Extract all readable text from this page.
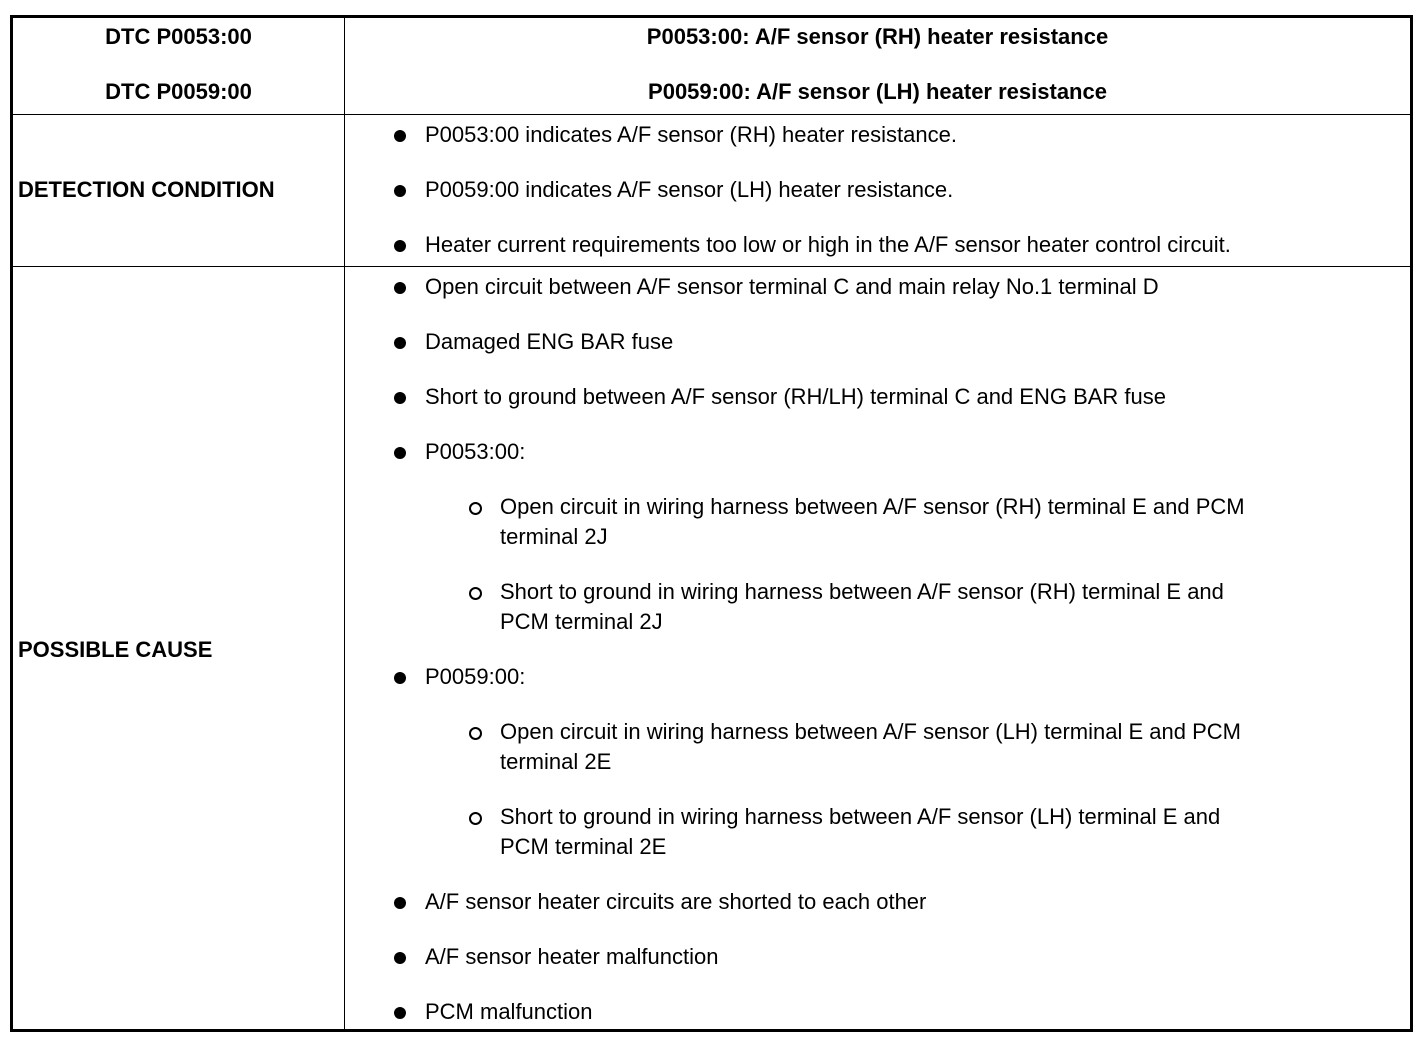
DTC P0053:00
DTC P0059:00
P0053:00: A/F sensor (RH) heater resistance
P0059:00: A/F sensor (LH) heater resistance
DETECTION CONDITION
P0053:00 indicates A/F sensor (RH) heater resistance.
P0059:00 indicates A/F sensor (LH) heater resistance.
Heater current requirements too low or high in the A/F sensor heater control circuit.
POSSIBLE CAUSE
Open circuit between A/F sensor terminal C and main relay No.1 terminal D
Damaged ENG BAR fuse
Short to ground between A/F sensor (RH/LH) terminal C and ENG BAR fuse
P0053:00:
Open circuit in wiring harness between A/F sensor (RH) terminal E and PCM
terminal 2J
Short to ground in wiring harness between A/F sensor (RH) terminal E and
PCM terminal 2J
P0059:00:
Open circuit in wiring harness between A/F sensor (LH) terminal E and PCM
terminal 2E
Short to ground in wiring harness between A/F sensor (LH) terminal E and
PCM terminal 2E
A/F sensor heater circuits are shorted to each other
A/F sensor heater malfunction
PCM malfunction
